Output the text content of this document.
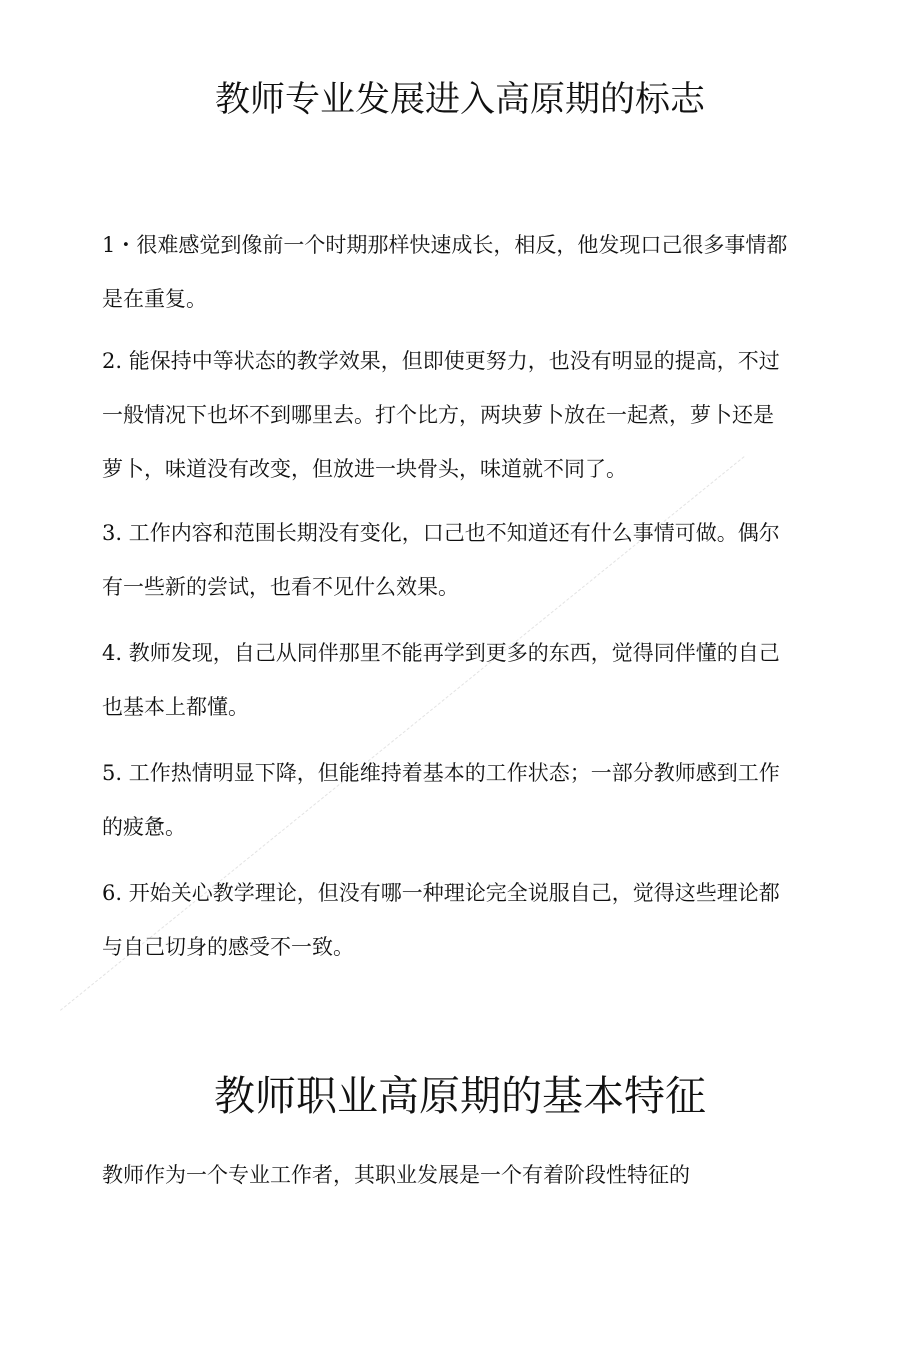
教师专业发展进入高原期的标志

1・很难感觉到像前一个时期那样快速成长，相反，他发现口己很多事情都是在重复。

2. 能保持中等状态的教学效果，但即使更努力，也没有明显的提高，不过一般情况下也坏不到哪里去。打个比方，两块萝卜放在一起煮，萝卜还是萝卜，味道没有改变，但放进一块骨头，味道就不同了。

3. 工作内容和范围长期没有变化，口己也不知道还有什么事情可做。偶尔有一些新的尝试，也看不见什么效果。

4. 教师发现，自己从同伴那里不能再学到更多的东西，觉得同伴懂的自己也基本上都懂。

5. 工作热情明显下降，但能维持着基本的工作状态；一部分教师感到工作的疲惫。

6. 开始关心教学理论，但没有哪一种理论完全说服自己，觉得这些理论都与自己切身的感受不一致。

教师职业高原期的基本特征

教师作为一个专业工作者，其职业发展是一个有着阶段性特征的
